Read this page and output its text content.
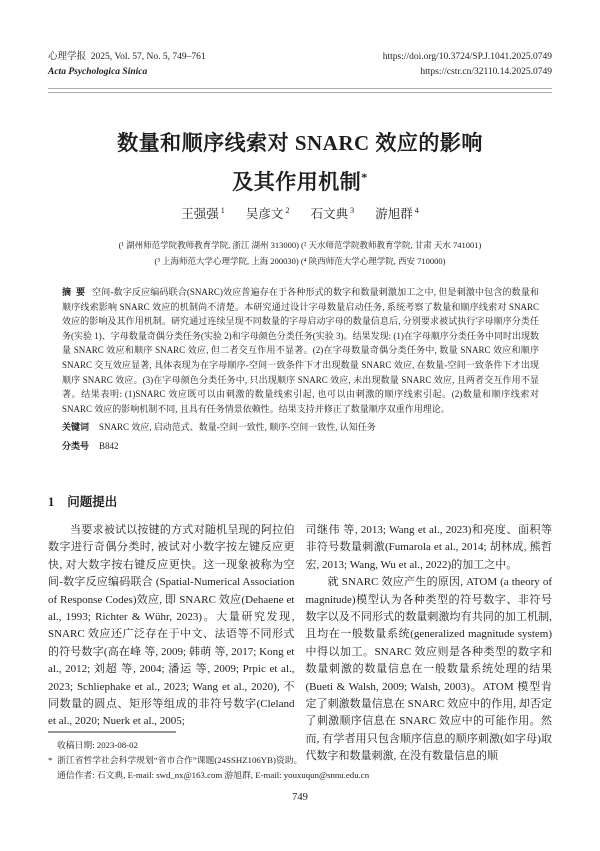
心理学报  2025, Vol. 57, No. 5, 749–761
Acta Psychologica Sinica
https://doi.org/10.3724/SP.J.1041.2025.0749
https://cstr.cn/32110.14.2025.0749
数量和顺序线索对 SNARC 效应的影响
及其作用机制*
王强强 $^1$ 吴彦文 $^2$ 石文典 $^3$ 游旭群 $^4$
(¹ 湖州师范学院教师教育学院, 浙江 湖州 313000) (² 天水师范学院教师教育学院, 甘肃 天水 741001)
(³ 上海师范大学心理学院, 上海 200030) (⁴ 陕西师范大学心理学院, 西安 710000)
摘  要 空间-数字反应编码联合(SNARC)效应普遍存在于各种形式的数字和数量刺激加工之中, 但是刺激中包含的数量和顺序线索影响 SNARC 效应的机制尚不清楚。本研究通过设计字母数量启动任务, 系统考察了数量和顺序线索对 SNARC 效应的影响及其作用机制。研究通过连续呈现不同数量的字母启动字母的数量信息后, 分别要求被试执行字母顺序分类任务(实验 1)、字母数量奇偶分类任务(实验 2)和字母颜色分类任务(实验 3)。结果发现: (1)在字母顺序分类任务中同时出现数量 SNARC 效应和顺序 SNARC 效应, 但二者交互作用不显著。(2)在字母数量奇偶分类任务中, 数量 SNARC 效应和顺序 SNARC 交互效应显著, 具体表现为在字母顺序-空间一致条件下才出现数量 SNARC 效应, 在数量-空间一致条件下才出现顺序 SNARC 效应。(3)在字母颜色分类任务中, 只出现顺序 SNARC 效应, 未出现数量 SNARC 效应, 且两者交互作用不显著。结果表明: (1)SNARC 效应既可以由刺激的数量线索引起, 也可以由刺激的顺序线索引起。(2)数量和顺序线索对 SNARC 效应的影响机制不同, 且具有任务情景依赖性。结果支持并修正了数量顺序双重作用理论。
关键词 SNARC 效应, 启动范式、数量-空间一致性, 顺序-空间一致性, 认知任务
分类号 B842
1 问题提出

当要求被试以按键的方式对随机呈现的阿拉伯数字进行奇偶分类时, 被试对小数字按左键反应更快, 对大数字按右键反应更快。这一现象被称为空间-数字反应编码联合 (Spatial-Numerical Association of Response Codes)效应, 即 SNARC 效应(Dehaene et al., 1993; Richter & Wühr, 2023)。大量研究发现, SNARC 效应还广泛存在于中文、法语等不同形式的符号数字(高在峰 等, 2009; 韩萌 等, 2017; Kong et al., 2012; 刘超 等, 2004; 潘运 等, 2009; Prpic et al., 2023; Schliephake et al., 2023; Wang et al., 2020), 不同数量的圆点、矩形等组成的非符号数字(Cleland et al., 2020; Nuerk et al., 2005;

司继伟 等, 2013; Wang et al., 2023)和亮度、面积等非符号数量刺激(Fumarola et al., 2014; 胡林成, 熊哲宏, 2013; Wang, Wu et al., 2022)的加工之中。

就 SNARC 效应产生的原因, ATOM (a theory of magnitude)模型认为各种类型的符号数字、非符号数字以及不同形式的数量刺激均有共同的加工机制, 且均在一般数量系统(generalized magnitude system)中得以加工。SNARC 效应则是各种类型的数字和数量刺激的数量信息在一般数量系统处理的结果(Bueti & Walsh, 2009; Walsh, 2003)。ATOM 模型肯定了刺激数量信息在 SNARC 效应中的作用, 却否定了刺激顺序信息在 SNARC 效应中的可能作用。然而, 有学者用只包含顺序信息的顺序刺激(如字母)取代数字和数量刺激, 在没有数量信息的顺

收稿日期: 2023-08-02
* 浙江省哲学社会科学规划“省市合作”课题(24SSHZ106YB)资助。
通信作者: 石文典, E-mail: swd_nx@163.com 游旭群, E-mail: youxuqun@snnu.edu.cn
749
